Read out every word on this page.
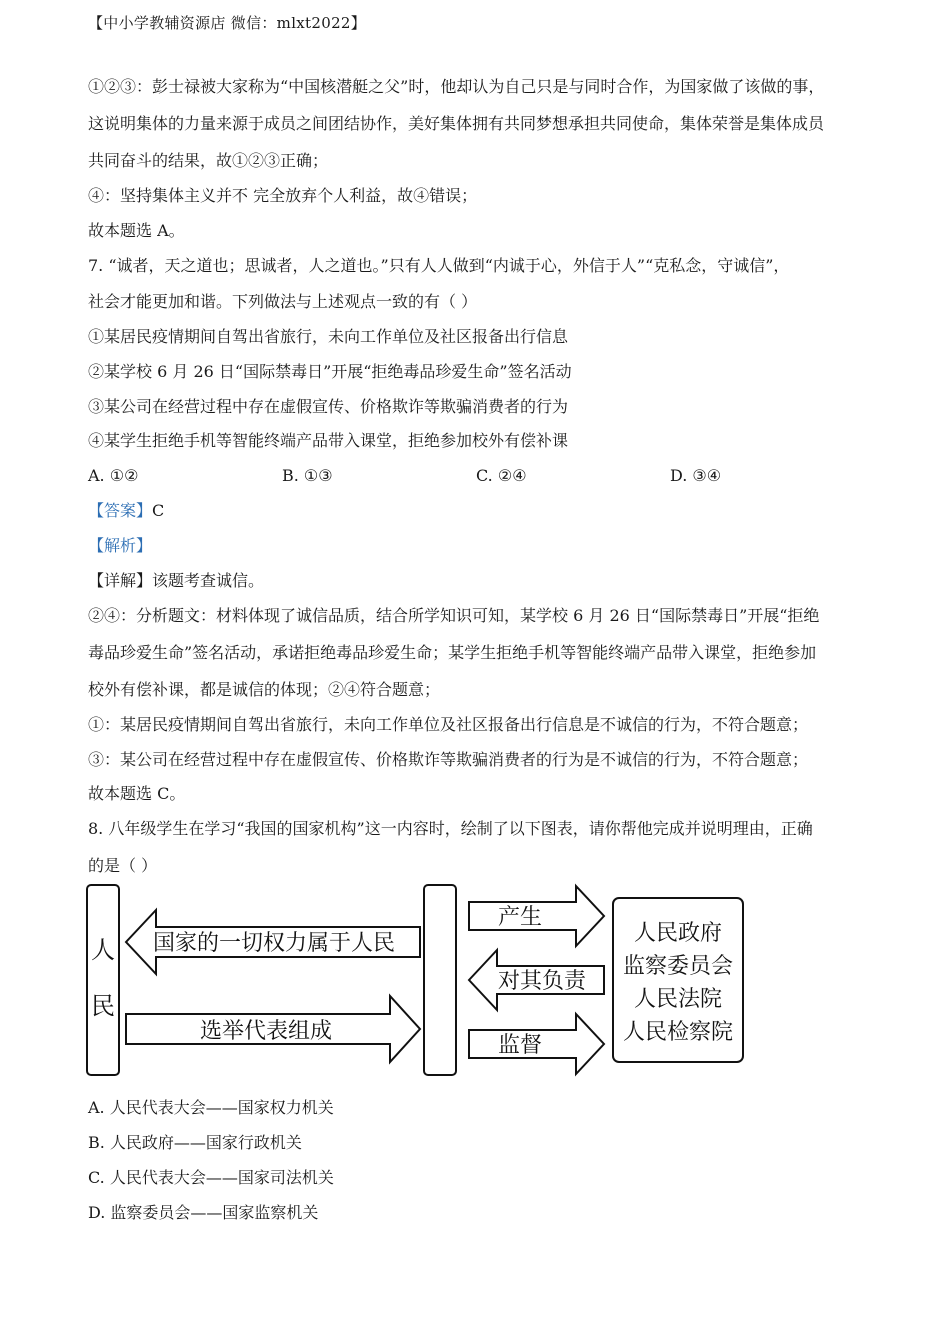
【中小学教辅资源店 微信：mlxt2022】
①②③：彭士禄被大家称为“中国核潜艇之父”时，他却认为自己只是与同时合作，为国家做了该做的事，
这说明集体的力量来源于成员之间团结协作，美好集体拥有共同梦想承担共同使命，集体荣誉是集体成员
共同奋斗的结果，故①②③正确；
④：坚持集体主义并不 完全放弃个人利益，故④错误；
故本题选 A。
7. “诚者，天之道也；思诚者，人之道也。”只有人人做到“内诚于心，外信于人”“克私念，守诚信”，
社会才能更加和谐。下列做法与上述观点一致的有（ ）
①某居民疫情期间自驾出省旅行，未向工作单位及社区报备出行信息
②某学校 6 月 26 日“国际禁毒日”开展“拒绝毒品珍爱生命”签名活动
③某公司在经营过程中存在虚假宣传、价格欺诈等欺骗消费者的行为
④某学生拒绝手机等智能终端产品带入课堂，拒绝参加校外有偿补课
A. ①②	B. ①③	C. ②④	D. ③④
【答案】C
【解析】
【详解】该题考查诚信。
②④：分析题文：材料体现了诚信品质，结合所学知识可知，某学校 6 月 26 日“国际禁毒日”开展“拒绝
毒品珍爱生命”签名活动，承诺拒绝毒品珍爱生命；某学生拒绝手机等智能终端产品带入课堂，拒绝参加
校外有偿补课，都是诚信的体现；②④符合题意；
①：某居民疫情期间自驾出省旅行，未向工作单位及社区报备出行信息是不诚信的行为，不符合题意；
③：某公司在经营过程中存在虚假宣传、价格欺诈等欺骗消费者的行为是不诚信的行为，不符合题意；
故本题选 C。
8. 八年级学生在学习“我国的国家机构”这一内容时，绘制了以下图表，请你帮他完成并说明理由，正确
的是（ ）
人
民
国家的一切权力属于人民
选举代表组成
产生
对其负责
监督
人民政府
监察委员会
人民法院
人民检察院
A. 人民代表大会——国家权力机关
B. 人民政府——国家行政机关
C. 人民代表大会——国家司法机关
D. 监察委员会——国家监察机关
